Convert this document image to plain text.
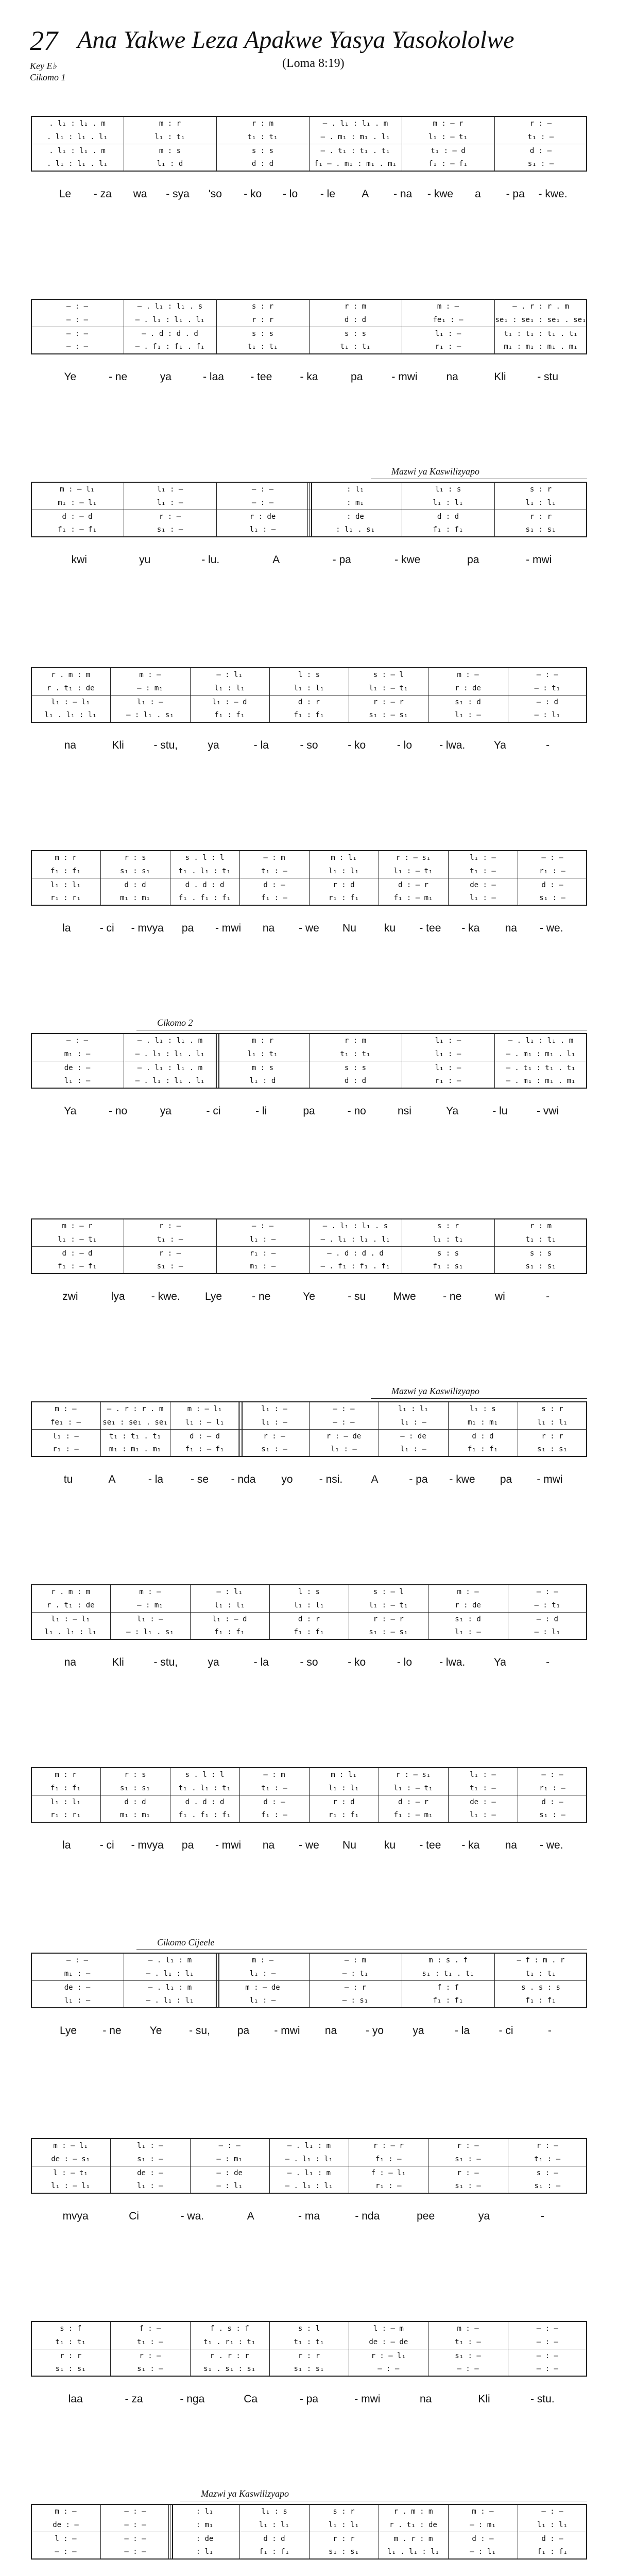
27 Ana Yakwe Leza Apakwe Yasya Yasokololwe
Key E♭
Cikomo 1
(Loma 8:19)
. l₁ : l₁ . m	m : r	r : m	— . l₁ : l₁ . m	m : — r	r : —
. l₁ : l₁ . l₁	l₁ : t₁	t₁ : t₁	— . m₁ : m₁ . l₁	l₁ : — t₁	t₁ : —
. l₁ : l₁ . m	m : s	s : s	— . t₁ : t₁ . t₁	t₁ : — d	d : —
. l₁ : l₁ . l₁	l₁ : d	d : d	f₁ — . m₁ : m₁ . m₁	f₁ : — f₁	s₁ : —
Le - za wa - sya 'so - ko - lo - le A - na - kwe a - pa - kwe.
— : —	— . l₁ : l₁ . s	s : r	r : m	m : —	— . r : r . m
— : —	— . l₁ : l₁ . l₁	r : r	d : d	fe₁ : —	se₁ : se₁ : se₁ . se₁
— : —	— . d : d . d	s : s	s : s	l₁ : —	t₁ : t₁ : t₁ . t₁
— : —	— . f₁ : f₁ . f₁	t₁ : t₁	t₁ : t₁	r₁ : —	m₁ : m₁ : m₁ . m₁
Ye	- ne	ya	- laa - tee	- ka	pa	- mwi	na	Kli	- stu
Mazwi ya Kaswilizyapo
m : — l₁	l₁ : —	— : —	: l₁	l₁ : s	s : r
m₁ : — l₁	l₁ : —	— : —	: m₁	l₁ : l₁	l₁ : l₁
d : — d	r : —	r : de	: de	d : d	r : r
f₁ : — f₁	s₁ : —	l₁ : —	: l₁ . s₁	f₁ : f₁	s₁ : s₁
kwi	yu	- lu.	A	- pa	- kwe	pa	- mwi
r . m : m	m : —	— : l₁	l : s	s : — l	m : —	— : —
r . t₁ : de	— : m₁	l₁ : l₁	l₁ : l₁	l₁ : — t₁	r : de	— : t₁
l₁ : — l₁	l₁ : —	l₁ : — d	d : r	r : — r	s₁ : d	— : d
l₁ . l₁ : l₁	— : l₁ . s₁	f₁ : f₁	f₁ : f₁	s₁ : — s₁	l₁ : —	— : l₁
na	Kli	- stu,	ya	- la	- so	- ko	- lo	- lwa.	Ya	-
m : r	r : s	s . l : l	— : m	m : l₁	r : — s₁	l₁ : —	— : —
f₁ : f₁	s₁ : s₁	t₁ . l₁ : t₁	t₁ : —	l₁ : l₁	l₁ : — t₁	t₁ : —	r₁ : —
l₁ : l₁	d : d	d . d : d	d : —	r : d	d : — r	de : —	d : —
r₁ : r₁	m₁ : m₁	f₁ . f₁ : f₁	f₁ : —	r₁ : f₁	f₁ : — m₁	l₁ : —	s₁ : —
la	- ci - mvya pa - mwi na - we Nu	ku - tee - ka na - we.
Cikomo 2
— : —	— . l₁ : l₁ . m	m : r	r : m	l₁ : —	— . l₁ : l₁ . m
m₁ : —	— . l₁ : l₁ . l₁	l₁ : t₁	t₁ : t₁	l₁ : —	— . m₁ : m₁ . l₁
de : —	— . l₁ : l₁ . m	m : s	s : s	l₁ : —	— . t₁ : t₁ . t₁
l₁ : —	— . l₁ : l₁ . l₁	l₁ : d	d : d	r₁ : —	— . m₁ : m₁ . m₁
Ya	- no	ya	- ci	- li	pa	- no	nsi	Ya	- lu	- vwi
m : — r	r : —	— : —	— . l₁ : l₁ . s	s : r	r : m
l₁ : — t₁	t₁ : —	l₁ : —	— . l₁ : l₁ . l₁	l₁ : t₁	t₁ : t₁
d : — d	r : —	r₁ : —	— . d : d . d	s : s	s : s
f₁ : — f₁	s₁ : —	m₁ : —	— . f₁ : f₁ . f₁	f₁ : s₁	s₁ : s₁
zwi	lya - kwe. Lye	- ne	Ye	- su	Mwe - ne	wi	-
Mazwi ya Kaswilizyapo
m : —	— . r : r . m	m : — l₁	l₁ : —	— : —	l₁ : l₁	l₁ : s	s : r
fe₁ : —	se₁ : se₁ . se₁	l₁ : — l₁	l₁ : —	— : —	l₁ : —	m₁ : m₁	l₁ : l₁
l₁ : —	t₁ : t₁ . t₁	d : — d	r : —	r : — de	— : de	d : d	r : r
r₁ : —	m₁ : m₁ . m₁	f₁ : — f₁	s₁ : —	l₁ : —	l₁ : —	f₁ : f₁	s₁ : s₁
tu	A	- la	- se - nda yo - nsi.	A	- pa - kwe pa - mwi
r . m : m	m : —	— : l₁	l : s	s : — l	m : —	— : —
r . t₁ : de	— : m₁	l₁ : l₁	l₁ : l₁	l₁ : — t₁	r : de	— : t₁
l₁ : — l₁	l₁ : —	l₁ : — d	d : r	r : — r	s₁ : d	— : d
l₁ . l₁ : l₁	— : l₁ . s₁	f₁ : f₁	f₁ : f₁	s₁ : — s₁	l₁ : —	— : l₁
na	Kli	- stu,	ya	- la	- so	- ko	- lo	- lwa.	Ya	-
m : r	r : s	s . l : l	— : m	m : l₁	r : — s₁	l₁ : —	— : —
f₁ : f₁	s₁ : s₁	t₁ . l₁ : t₁	t₁ : —	l₁ : l₁	l₁ : — t₁	t₁ : —	r₁ : —
l₁ : l₁	d : d	d . d : d	d : —	r : d	d : — r	de : —	d : —
r₁ : r₁	m₁ : m₁	f₁ . f₁ : f₁	f₁ : —	r₁ : f₁	f₁ : — m₁	l₁ : —	s₁ : —
la	- ci - mvya pa - mwi na - we Nu	ku - tee - ka na - we.
Cikomo Cijeele
— : —	— . l₁ : m	m : —	— : m	m : s . f	— f : m . r
m₁ : —	— . l₁ : l₁	l₁ : —	— : t₁	s₁ : t₁ . t₁	t₁ : t₁
de : —	— . l₁ : m	m : — de	— : r	f : f	s . s : s
l₁ : —	— . l₁ : l₁	l₁ : —	— : s₁	f₁ : f₁	f₁ : f₁
Lye - ne	Ye	- su,	pa - mwi na	- yo	ya	- la	- ci	-
m : — l₁	l₁ : —	— : —	— . l₁ : m	r : — r	r : —	r : —
de : — s₁	s₁ : —	— : m₁	— . l₁ : l₁	f₁ : —	s₁ : —	t₁ : —
l : — t₁	de : —	— : de	— . l₁ : m	f : — l₁	r : —	s : —
l₁ : — l₁	l₁ : —	— : l₁	— . l₁ : l₁	r₁ : —	s₁ : —	s₁ : —
mvya	Ci	- wa.	A	- ma	- nda	pee	ya	-
s : f	f : —	f . s : f	s : l	l : — m	m : —	— : —
t₁ : t₁	t₁ : —	t₁ . r₁ : t₁	t₁ : t₁	de : — de	t₁ : —	— : —
r : r	r : —	r . r : r	r : r	r : — l₁	s₁ : —	— : —
s₁ : s₁	s₁ : —	s₁ . s₁ : s₁	s₁ : s₁	— : —	— : —	— : —
laa	- za	- nga	Ca	- pa	- mwi	na	Kli	- stu.
Mazwi ya Kaswilizyapo
m : —	— : —	: l₁	l₁ : s	s : r	r . m : m	m : —	— : —
de : —	— : —	: m₁	l₁ : l₁	l₁ : l₁	r . t₁ : de	— : m₁	l₁ : l₁
l : —	— : —	: de	d : d	r : r	m . r : m	d : —	d : —
— : —	— : —	: l₁	f₁ : f₁	s₁ : s₁	l₁ . l₁ : l₁	— : l₁	f₁ : f₁
